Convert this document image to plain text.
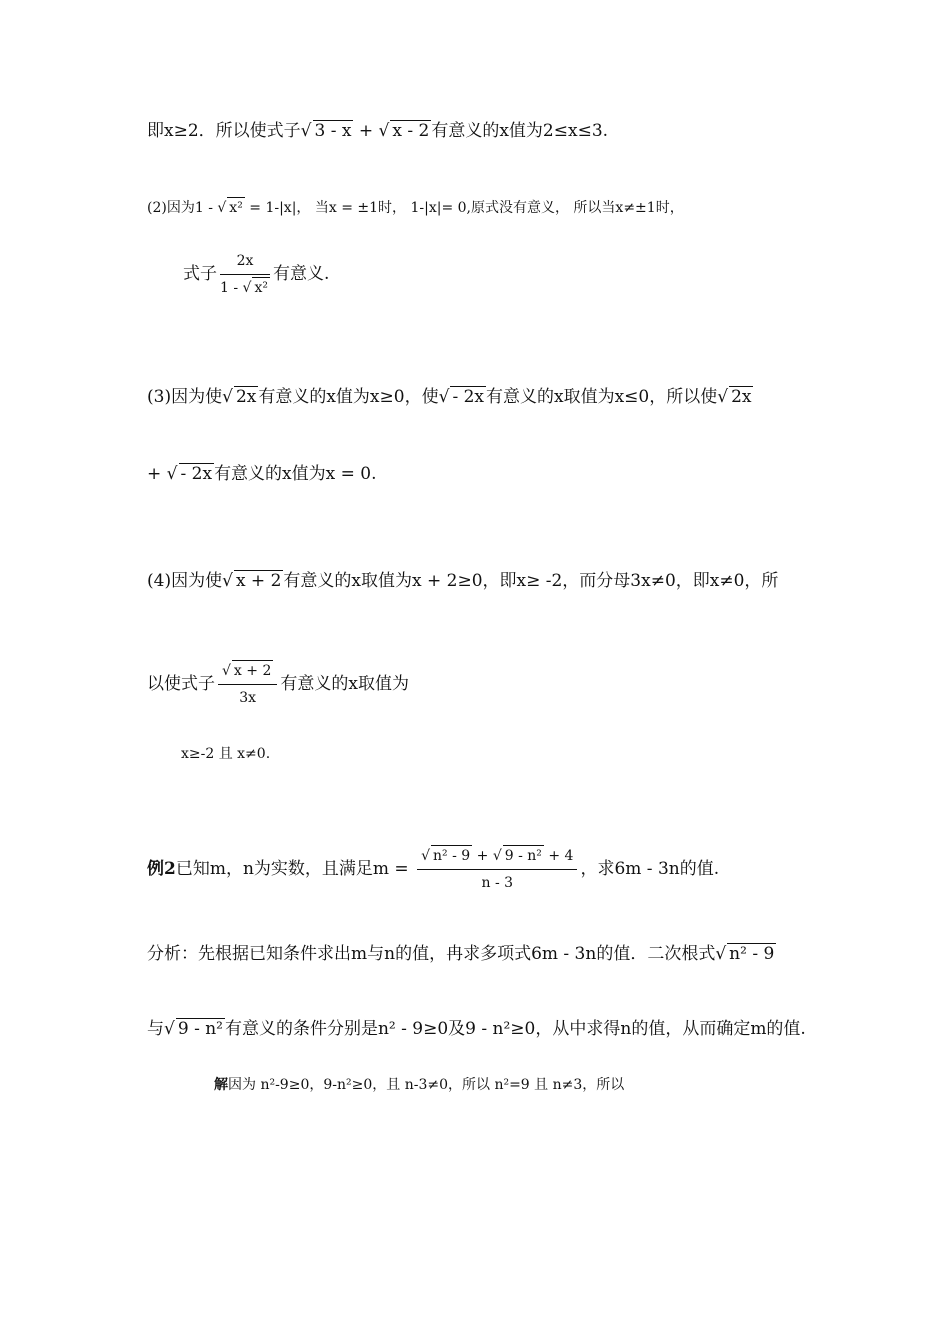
即x≥2．所以使式子√ 3 - x + √ x - 2 有意义的x值为2≤x≤3.
(2)因为1 - √ x² = 1-|x|， 当x = ±1时， 1-|x|= 0,原式没有意义， 所以当x≠±1时，
式子 $\frac{2x}{\text{1 - √ x²}}$ 有意义.
(3)因为使√ 2x 有意义的x值为x≥0，使√ - 2x 有意义的x取值为x≤0，所以使√ 2x
+ √ - 2x 有意义的x值为x = 0.
(4)因为使√ x + 2 有意义的x取值为x + 2≥0，即x≥ -2，而分母3x≠0，即x≠0，所
以使式子 $\frac{√ x + 2}{3x}$ 有意义的x取值为
x≥-2 且 x≠0.
例2已知m，n为实数，且满足$m = \frac{\text{√ n² - 9 + √ 9 - n² + 4}}{n - 3}$ ，求6m - 3n的值.
分析：先根据已知条件求出m与n的值，冉求多项式6m - 3n的值．二次根式√ n² - 9
与√ 9 - n² 有意义的条件分别是n² - 9≥0及9 - n²≥0，从中求得n的值，从而确定m的值.
解因为 n²-9≥0，9-n²≥0，且 n-3≠0，所以 n²=9 且 n≠3，所以
